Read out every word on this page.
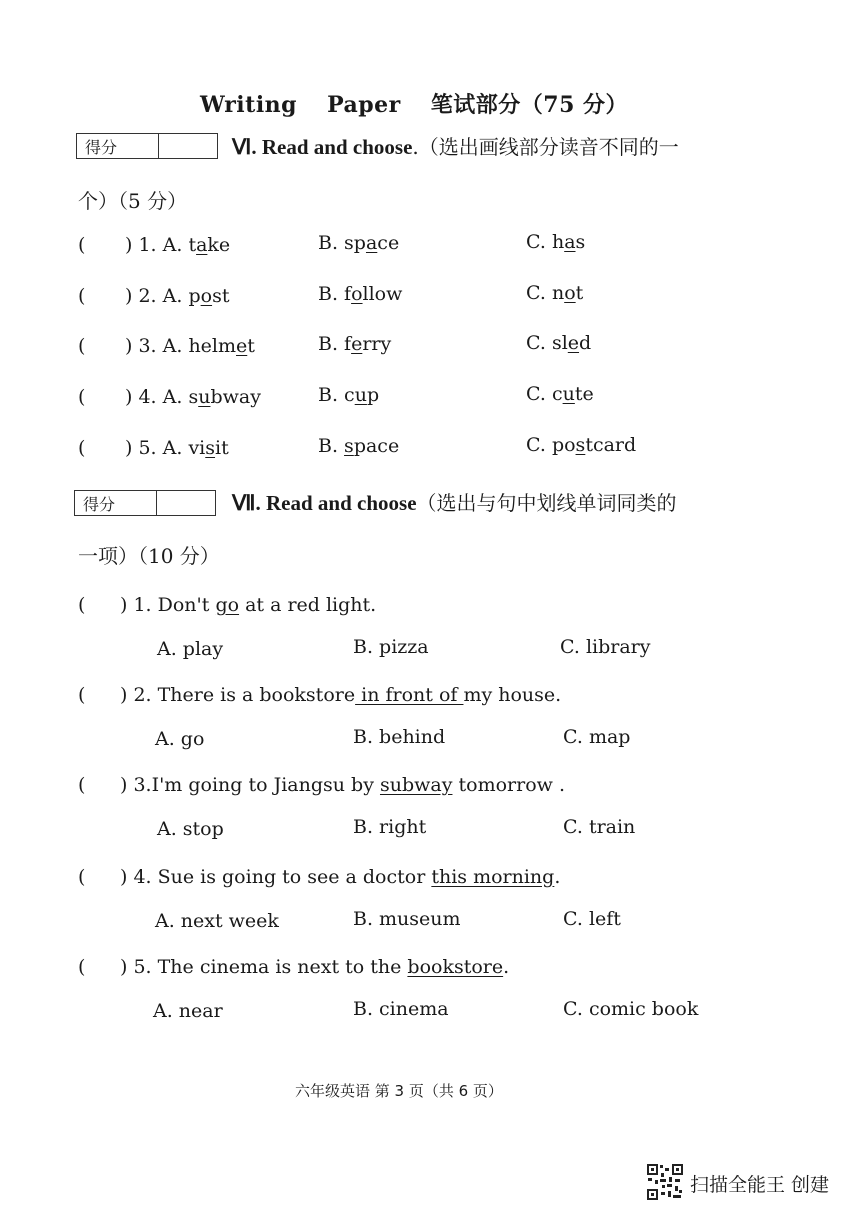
Writing Paper 笔试部分（75 分）
得分	Ⅵ. Read and choose.（选出画线部分读音不同的一
个）（5 分）
( ) 1. A. take	B. space	C. has
( ) 2. A. post	B. follow	C. not
( ) 3. A. helmet	B. ferry	C. sled
( ) 4. A. subway	B. cup	C. cute
( ) 5. A. visit	B. space	C. postcard
得分	Ⅶ. Read and choose（选出与句中划线单词同类的
一项）（10 分）
( ) 1. Don't go at a red light.
A. play	B. pizza	C. library
( ) 2. There is a bookstore in front of my house.
A. go	B. behind	C. map
( ) 3.I'm going to Jiangsu by subway tomorrow .
A. stop	B. right	C. train
( ) 4. Sue is going to see a doctor this morning.
A. next week	B. museum	C. left
( ) 5. The cinema is next to the bookstore.
A. near	B. cinema	C. comic book
六年级英语 第 3 页（共 6 页）
扫描全能王 创建
